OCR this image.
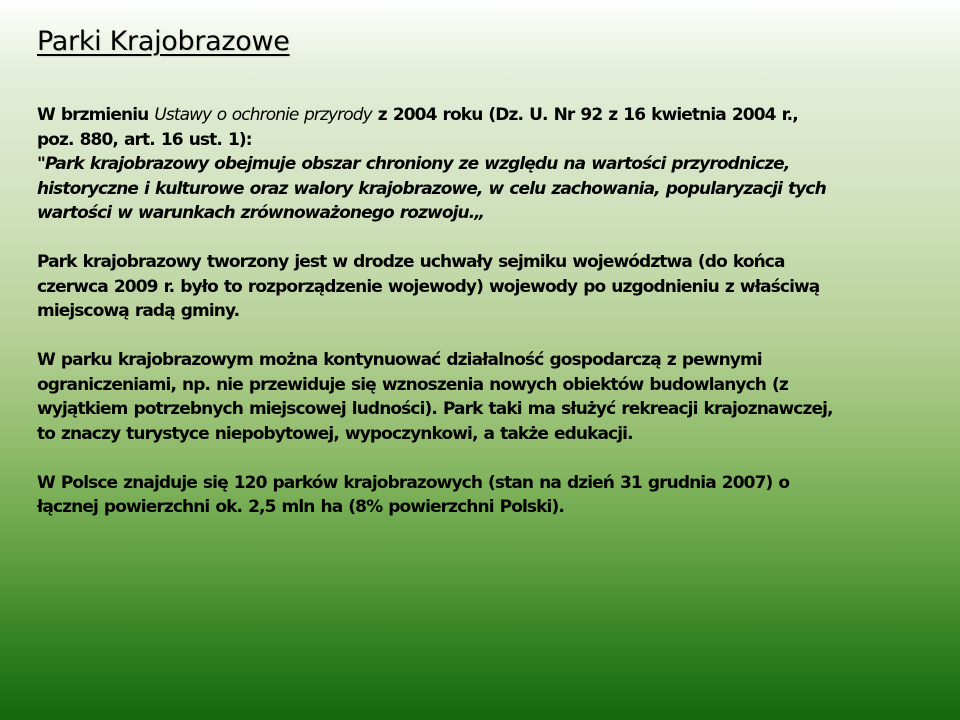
Parki Krajobrazowe

W brzmieniu Ustawy o ochronie przyrody z 2004 roku (Dz. U. Nr 92 z 16 kwietnia 2004 r.,
poz. 880, art. 16 ust. 1):
"Park krajobrazowy obejmuje obszar chroniony ze względu na wartości przyrodnicze,
historyczne i kulturowe oraz walory krajobrazowe, w celu zachowania, popularyzacji tych
wartości w warunkach zrównoważonego rozwoju.„

Park krajobrazowy tworzony jest w drodze uchwały sejmiku województwa (do końca
czerwca 2009 r. było to rozporządzenie wojewody) wojewody po uzgodnieniu z właściwą
miejscową radą gminy.

W parku krajobrazowym można kontynuować działalność gospodarczą z pewnymi
ograniczeniami, np. nie przewiduje się wznoszenia nowych obiektów budowlanych (z
wyjątkiem potrzebnych miejscowej ludności). Park taki ma służyć rekreacji krajoznawczej,
to znaczy turystyce niepobytowej, wypoczynkowi, a także edukacji.

W Polsce znajduje się 120 parków krajobrazowych (stan na dzień 31 grudnia 2007) o
łącznej powierzchni ok. 2,5 mln ha (8% powierzchni Polski).
